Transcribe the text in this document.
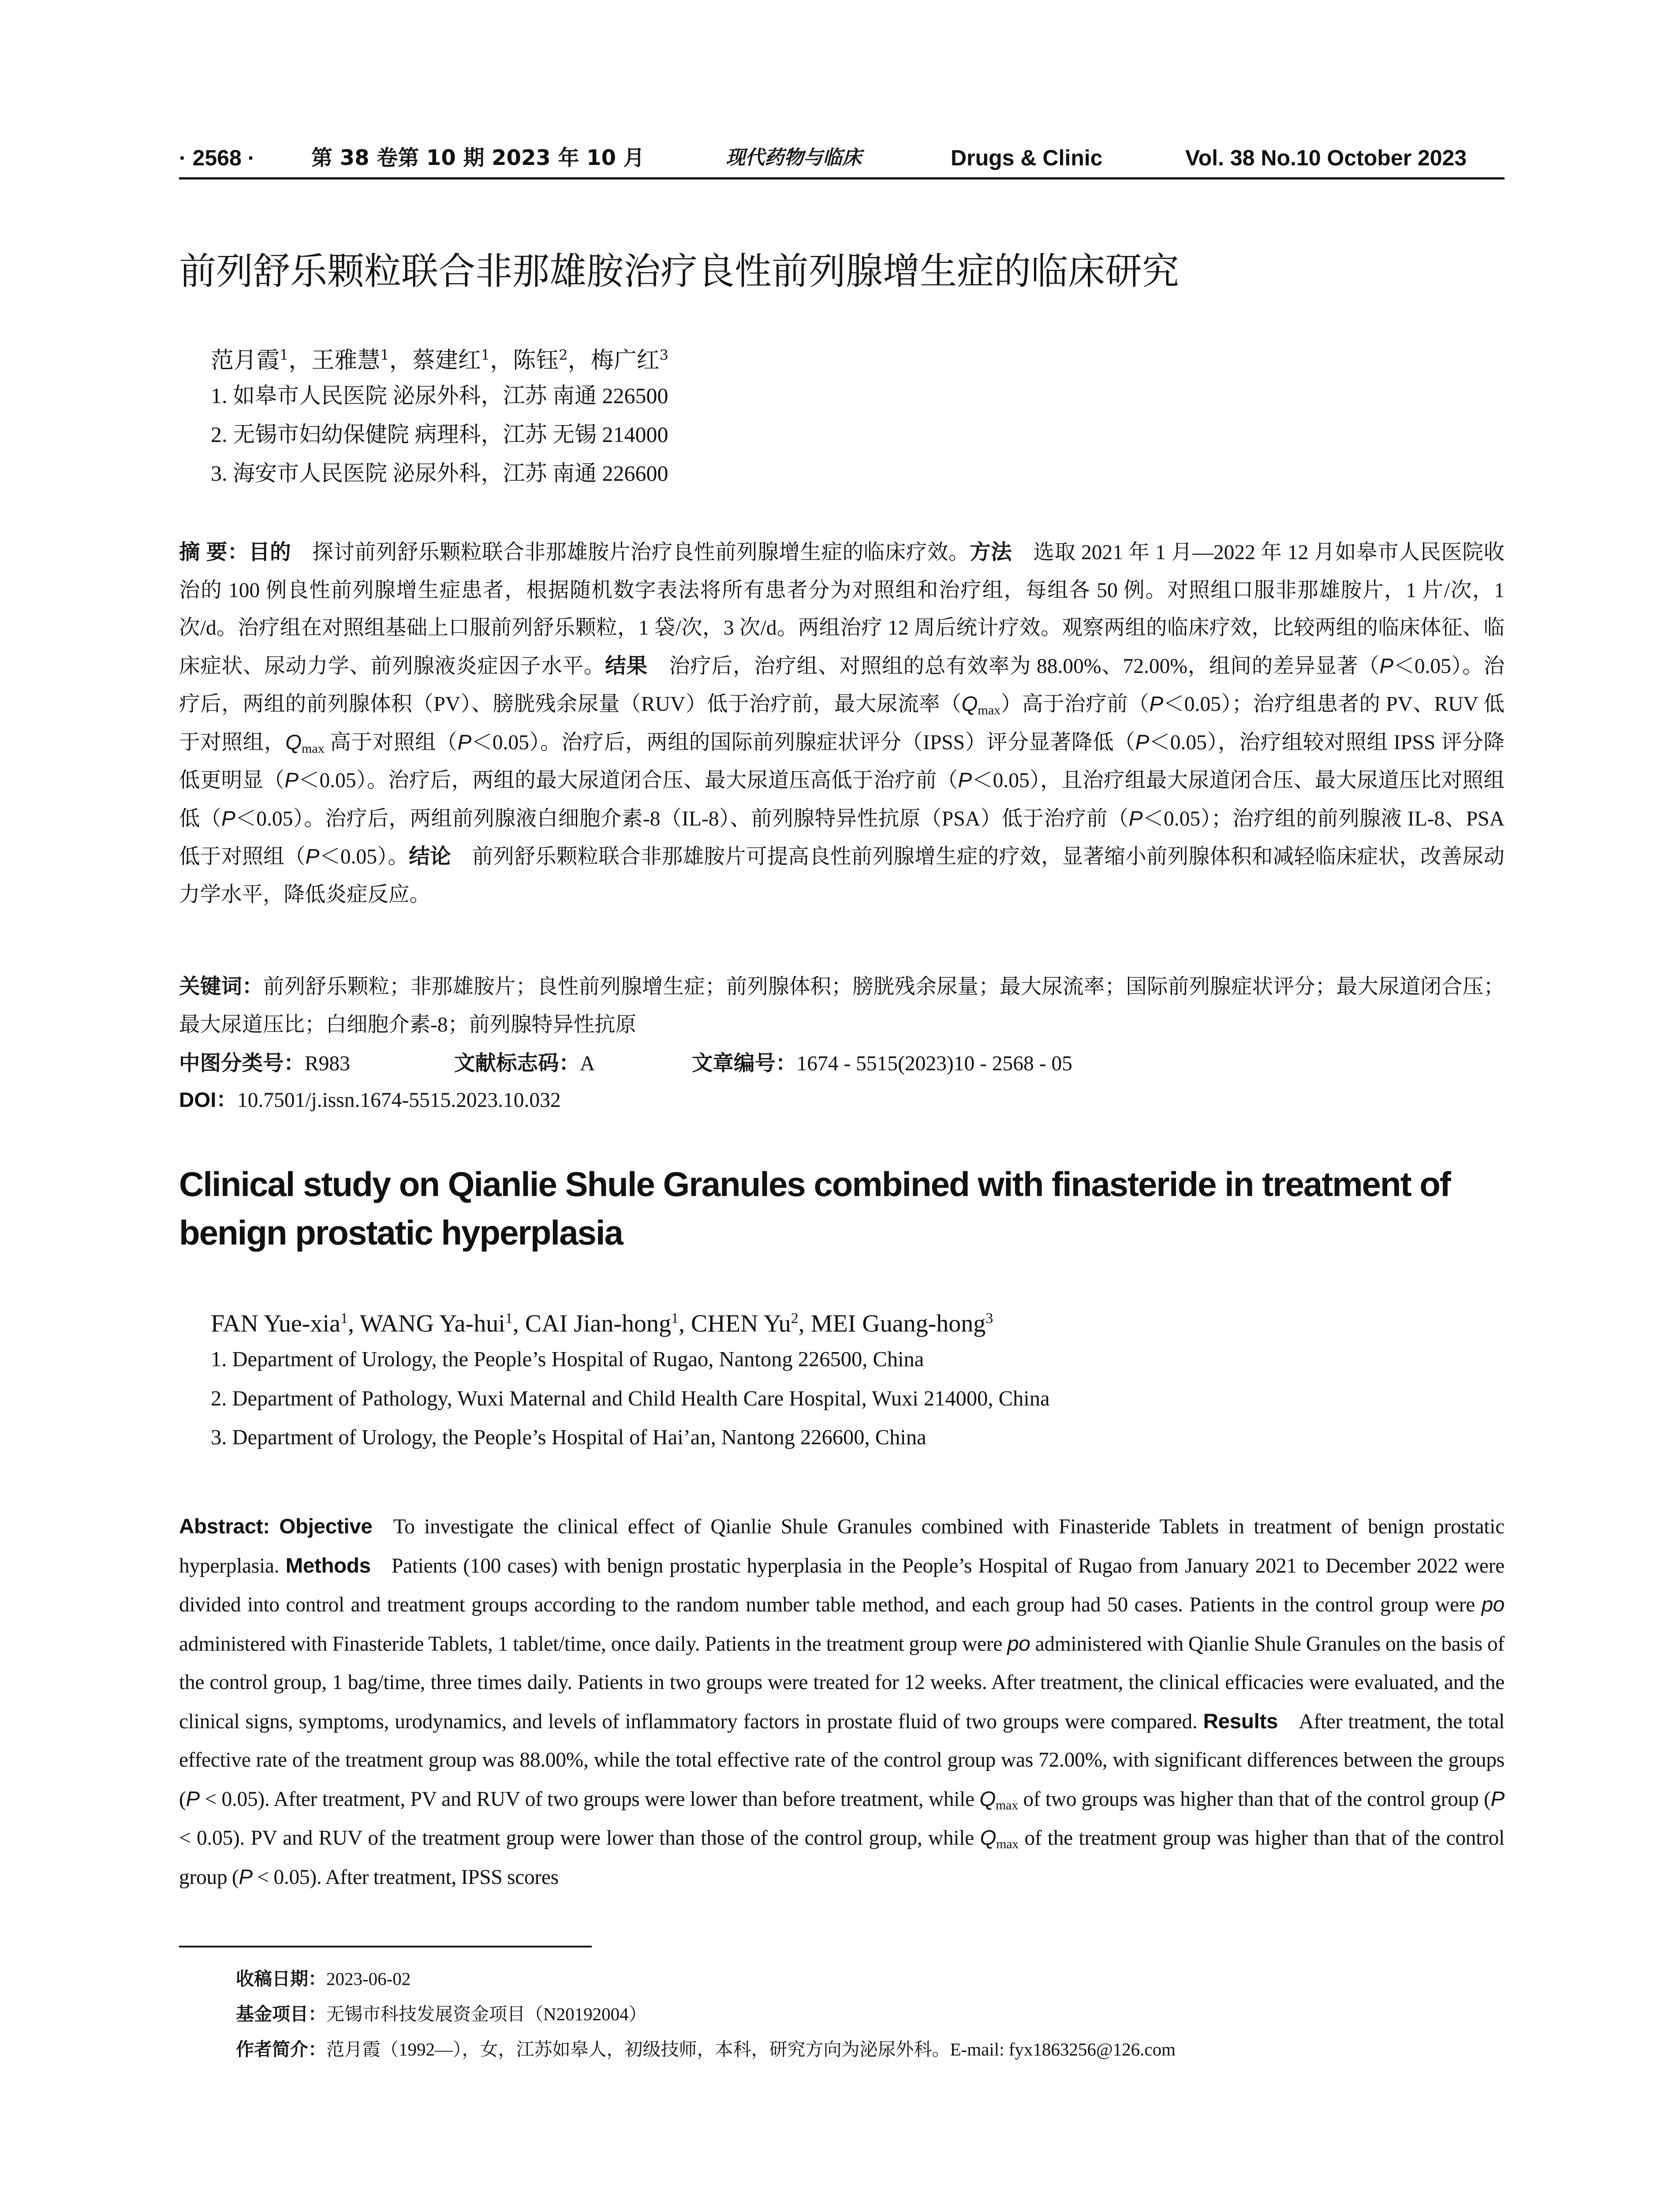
· 2568 ·	第 38 卷第 10 期 2023 年 10 月	现代药物与临床	Drugs & Clinic	Vol. 38 No.10 October 2023
前列舒乐颗粒联合非那雄胺治疗良性前列腺增生症的临床研究
范月霞$^1$，王雅慧$^1$，蔡建红$^1$，陈钰$^2$，梅广红$^3$
1. 如皋市人民医院 泌尿外科，江苏 南通 226500
2. 无锡市妇幼保健院 病理科，江苏 无锡 214000
3. 海安市人民医院 泌尿外科，江苏 南通 226600
摘 要：目的  探讨前列舒乐颗粒联合非那雄胺片治疗良性前列腺增生症的临床疗效。方法  选取 2021 年 1 月—2022 年 12 月如皋市人民医院收治的 100 例良性前列腺增生症患者，根据随机数字表法将所有患者分为对照组和治疗组，每组各 50 例。对照组口服非那雄胺片，1 片/次，1 次/d。治疗组在对照组基础上口服前列舒乐颗粒，1 袋/次，3 次/d。两组治疗 12 周后统计疗效。观察两组的临床疗效，比较两组的临床体征、临床症状、尿动力学、前列腺液炎症因子水平。结果  治疗后，治疗组、对照组的总有效率为 88.00%、72.00%，组间的差异显著（P＜0.05）。治疗后，两组的前列腺体积（PV）、膀胱残余尿量（RUV）低于治疗前，最大尿流率$(Q_{max})$高于治疗前（P＜0.05）；治疗组患者的 PV、RUV 低于对照组，$Q_{max}$ 高于对照组（P＜0.05）。治疗后，两组的国际前列腺症状评分（IPSS）评分显著降低（P＜0.05），治疗组较对照组 IPSS 评分降低更明显（P＜0.05）。治疗后，两组的最大尿道闭合压、最大尿道压高低于治疗前（P＜0.05），且治疗组最大尿道闭合压、最大尿道压比对照组低（P＜0.05）。治疗后，两组前列腺液白细胞介素-8（IL-8）、前列腺特异性抗原（PSA）低于治疗前（P＜0.05）；治疗组的前列腺液 IL-8、PSA 低于对照组（P＜0.05）。结论  前列舒乐颗粒联合非那雄胺片可提高良性前列腺增生症的疗效，显著缩小前列腺体积和减轻临床症状，改善尿动力学水平，降低炎症反应。
关键词：前列舒乐颗粒；非那雄胺片；良性前列腺增生症；前列腺体积；膀胱残余尿量；最大尿流率；国际前列腺症状评分；最大尿道闭合压；最大尿道压比；白细胞介素-8；前列腺特异性抗原
中图分类号：R983	文献标志码：A	文章编号：1674 - 5515(2023)10 - 2568 - 05
DOI：10.7501/j.issn.1674-5515.2023.10.032
Clinical study on Qianlie Shule Granules combined with finasteride in treatment of benign prostatic hyperplasia
FAN Yue-xia$^1$, WANG Ya-hui$^1$, CAI Jian-hong$^1$, CHEN Yu$^2$, MEI Guang-hong$^3$
1. Department of Urology, the People’s Hospital of Rugao, Nantong 226500, China
2. Department of Pathology, Wuxi Maternal and Child Health Care Hospital, Wuxi 214000, China
3. Department of Urology, the People’s Hospital of Hai’an, Nantong 226600, China
Abstract: Objective  To investigate the clinical effect of Qianlie Shule Granules combined with Finasteride Tablets in treatment of benign prostatic hyperplasia. Methods  Patients (100 cases) with benign prostatic hyperplasia in the People’s Hospital of Rugao from January 2021 to December 2022 were divided into control and treatment groups according to the random number table method, and each group had 50 cases. Patients in the control group were po administered with Finasteride Tablets, 1 tablet/time, once daily. Patients in the treatment group were po administered with Qianlie Shule Granules on the basis of the control group, 1 bag/time, three times daily. Patients in two groups were treated for 12 weeks. After treatment, the clinical efficacies were evaluated, and the clinical signs, symptoms, urodynamics, and levels of inflammatory factors in prostate fluid of two groups were compared. Results  After treatment, the total effective rate of the treatment group was 88.00%, while the total effective rate of the control group was 72.00%, with significant differences between the groups (P < 0.05). After treatment, PV and RUV of two groups were lower than before treatment, while $Q_{max}$ of two groups was higher than that of the control group (P < 0.05). PV and RUV of the treatment group were lower than those of the control group, while $Q_{max}$ of the treatment group was higher than that of the control group (P < 0.05). After treatment, IPSS scores
收稿日期：2023-06-02
基金项目：无锡市科技发展资金项目（N20192004）
作者简介：范月霞（1992—），女，江苏如皋人，初级技师，本科，研究方向为泌尿外科。E-mail: fyx1863256@126.com
